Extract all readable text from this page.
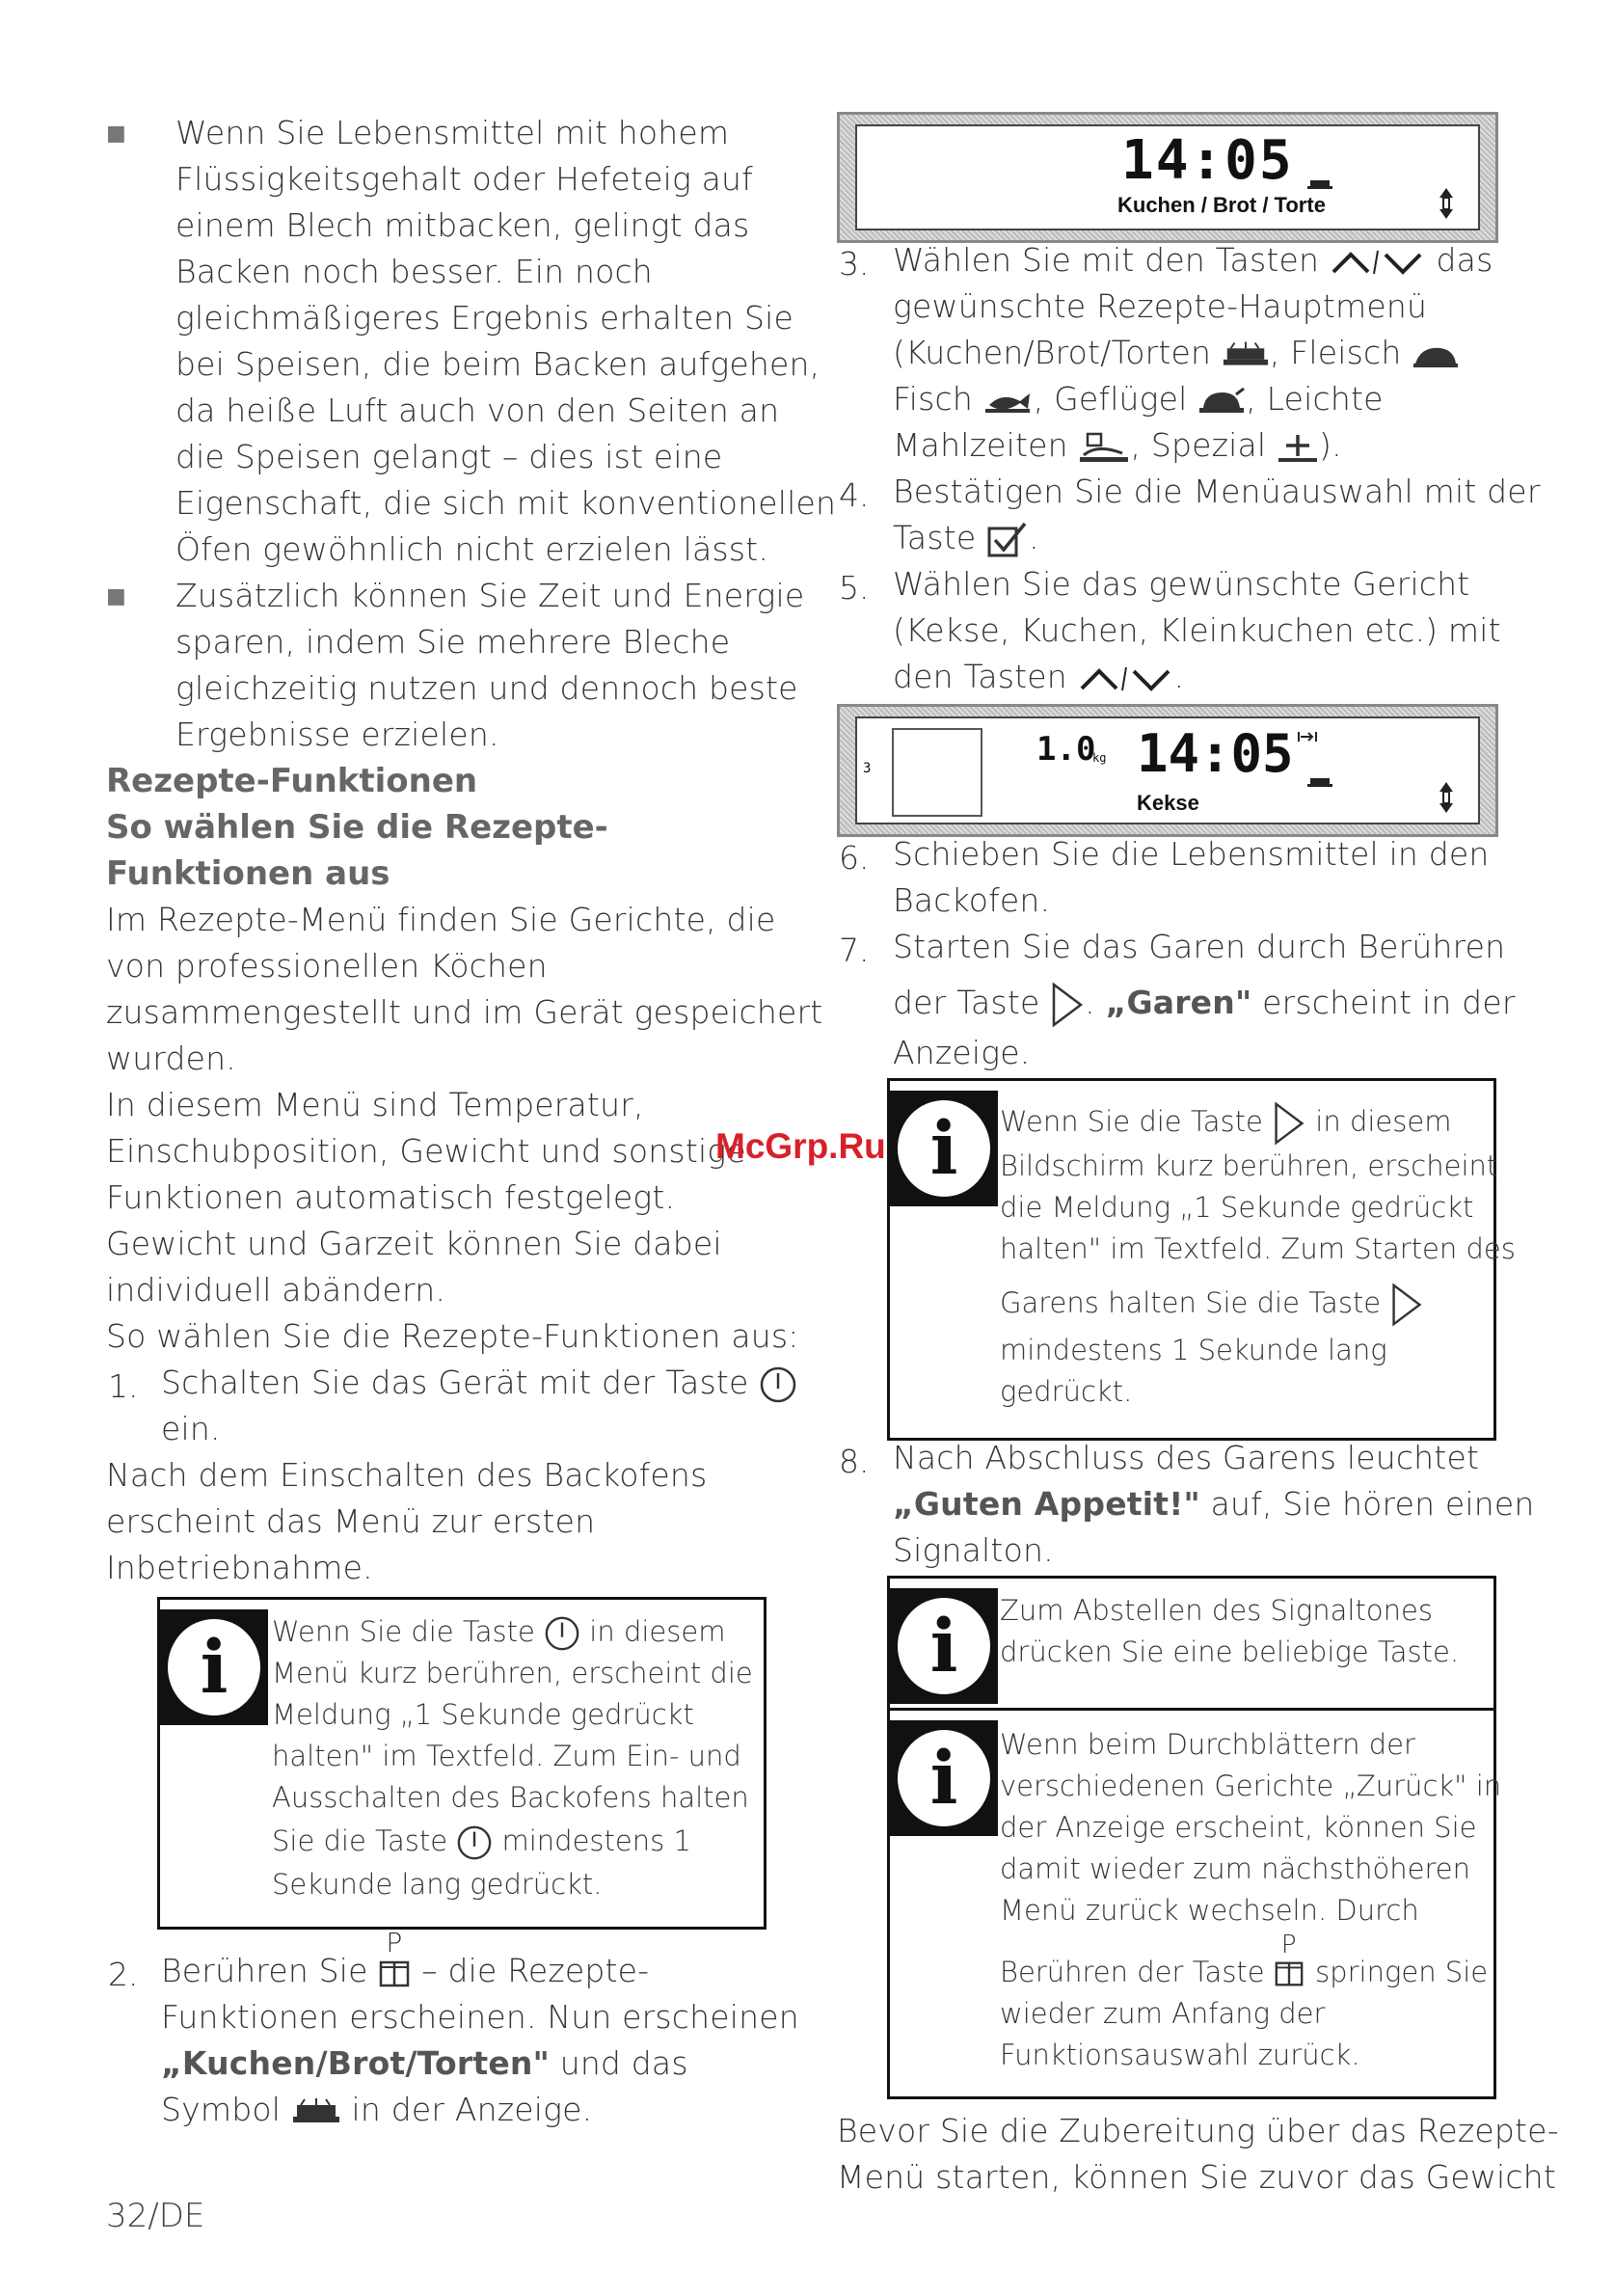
■ Wenn Sie Lebensmittel mit hohem
Flüssigkeitsgehalt oder Hefeteig auf
einem Blech mitbacken, gelingt das
Backen noch besser. Ein noch
gleichmäßigeres Ergebnis erhalten Sie
bei Speisen, die beim Backen aufgehen,
da heiße Luft auch von den Seiten an
die Speisen gelangt – dies ist eine
Eigenschaft, die sich mit konventionellen
Öfen gewöhnlich nicht erzielen lässt.
■ Zusätzlich können Sie Zeit und Energie
sparen, indem Sie mehrere Bleche
gleichzeitig nutzen und dennoch beste
Ergebnisse erzielen.
Rezepte-Funktionen
So wählen Sie die Rezepte-
Funktionen aus
Im Rezepte-Menü finden Sie Gerichte, die
von professionellen Köchen
zusammengestellt und im Gerät gespeichert
wurden.
In diesem Menü sind Temperatur,
Einschubposition, Gewicht und sonstige
Funktionen automatisch festgelegt.
Gewicht und Garzeit können Sie dabei
individuell abändern.
So wählen Sie die Rezepte-Funktionen aus:
1. Schalten Sie das Gerät mit der Taste
ein.
Nach dem Einschalten des Backofens
erscheint das Menü zur ersten
Inbetriebnahme.
i	Wenn Sie die Taste in diesem
Menü kurz berühren, erscheint die
Meldung „1 Sekunde gedrückt
halten" im Textfeld. Zum Ein- und
Ausschalten des Backofens halten
Sie die Taste mindestens 1
Sekunde lang gedrückt.
2. Berühren Sie
P
– die Rezepte-
Funktionen erscheinen. Nun erscheinen
„Kuchen/Brot/Torten" und das
Symbol in der Anzeige.
14:05
Kuchen / Brot / Torte
3. Wählen Sie mit den Tasten	das
gewünschte Rezepte-Hauptmenü
(Kuchen/Brot/Torten , Fleisch
Fisch , Geflügel , Leichte
Mahlzeiten , Spezial ).
4. Bestätigen Sie die Menüauswahl mit der
Taste .
5. Wählen Sie das gewünschte Gericht
(Kekse, Kuchen, Kleinkuchen etc.) mit
den Tasten	.
3	1.0
kg 14:05
Kekse
6. Schieben Sie die Lebensmittel in den
Backofen.
7. Starten Sie das Garen durch Berühren
der Taste . „Garen" erscheint in der
Anzeige.
i	Wenn Sie die Taste in diesem
Bildschirm kurz berühren, erscheint
die Meldung „1 Sekunde gedrückt
halten" im Textfeld. Zum Starten des
Garens halten Sie die Taste
mindestens 1 Sekunde lang
gedrückt.
8. Nach Abschluss des Garens leuchtet
„Guten Appetit!" auf, Sie hören einen
Signalton.
i	Zum Abstellen des Signaltones
drücken Sie eine beliebige Taste.
i	Wenn beim Durchblättern der
verschiedenen Gerichte „Zurück" in
der Anzeige erscheint, können Sie
damit wieder zum nächsthöheren
Menü zurück wechseln. Durch
Berühren der Taste
P
springen Sie
wieder zum Anfang der
Funktionsauswahl zurück.
Bevor Sie die Zubereitung über das Rezepte-
Menü starten, können Sie zuvor das Gewicht
McGrp.Ru
32/DE
